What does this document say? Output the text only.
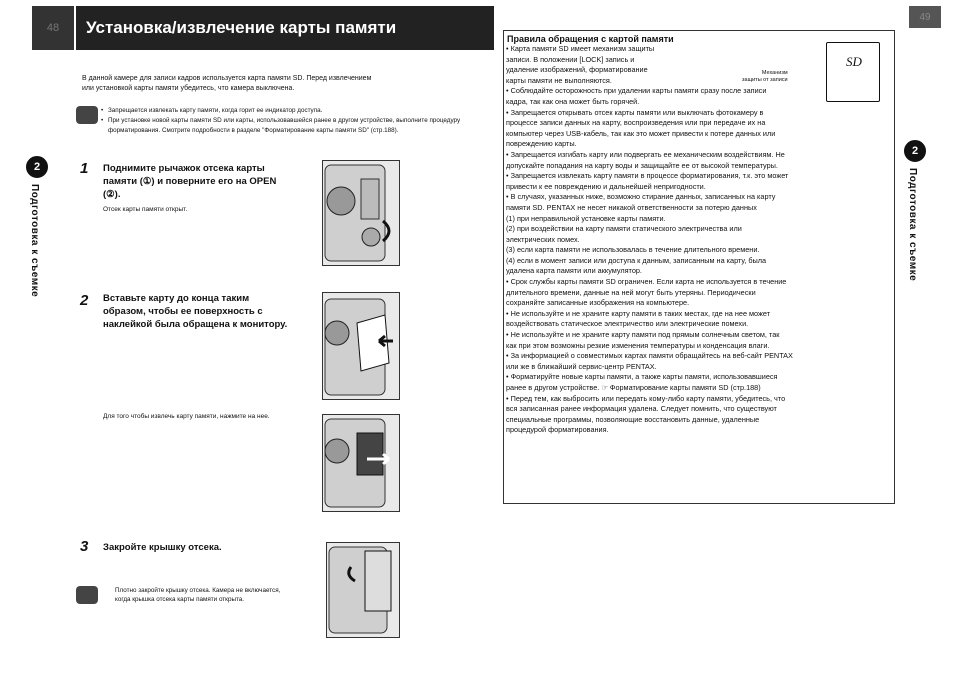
48	Установка/извлечение карты памяти
49
В данной камере для записи кадров используется карта памяти SD. Перед извлечением
или установкой карты памяти убедитесь, что камера выключена.
• Запрещается извлекать карту памяти, когда горит ее индикатор доступа.
• При установке новой карты памяти SD или карты, использовавшейся ранее в другом устройстве, выполните процедуру форматирования. Смотрите подробности в разделе "Форматирование карты памяти SD" (стр.188).
2
Подготовка к съемке
1 Поднимите рычажок отсека карты памяти (①) и поверните его на OPEN (②).
Отсек карты памяти открыт.
2 Вставьте карту до конца таким образом, чтобы ее поверхность с наклейкой была обращена к монитору.
Для того чтобы извлечь карту памяти, нажмите на нее.
3 Закройте крышку отсека.
Плотно закройте крышку отсека. Камера не включается, когда крышка отсека карты памяти открыта.
Правила обращения с картой памяти
SD
Механизм
защиты от записи
• Карта памяти SD имеет механизм защиты
записи. В положении [LOCK] запись и
удаление изображений, форматирование
карты памяти не выполняются.
• Соблюдайте осторожность при удалении карты памяти сразу после записи
кадра, так как она может быть горячей.
• Запрещается открывать отсек карты памяти или выключать фотокамеру в
процессе записи данных на карту, воспроизведения или при передаче их на
компьютер через USB-кабель, так как это может привести к потере данных или
повреждению карты.
• Запрещается изгибать карту или подвергать ее механическим воздействиям. Не
допускайте попадания на карту воды и защищайте ее от высокой температуры.
• Запрещается извлекать карту памяти в процессе форматирования, т.к. это может
привести к ее повреждению и дальнейшей непригодности.
• В случаях, указанных ниже, возможно стирание данных, записанных на карту
памяти SD. PENTAX не несет никакой ответственности за потерю данных
(1) при неправильной установке карты памяти.
(2) при воздействии на карту памяти статического электричества или
электрических помех.
(3) если карта памяти не использовалась в течение длительного времени.
(4) если в момент записи или доступа к данным, записанным на карту, была
удалена карта памяти или аккумулятор.
• Срок службы карты памяти SD ограничен. Если карта не используется в течение
длительного времени, данные на ней могут быть утеряны. Периодически
сохраняйте записанные изображения на компьютере.
• Не используйте и не храните карту памяти в таких местах, где на нее может
воздействовать статическое электричество или электрические помехи.
• Не используйте и не храните карту памяти под прямым солнечным светом, так
как при этом возможны резкие изменения температуры и конденсация влаги.
• За информацией о совместимых картах памяти обращайтесь на веб-сайт PENTAX
или же в ближайший сервис-центр PENTAX.
• Форматируйте новые карты памяти, а также карты памяти, использовавшиеся
ранее в другом устройстве. ☞ Форматирование карты памяти SD (стр.188)
• Перед тем, как выбросить или передать кому-либо карту памяти, убедитесь, что
вся записанная ранее информация удалена. Следует помнить, что существуют
специальные программы, позволяющие восстановить данные, удаленные
процедурой форматирования.
2
Подготовка к съемке
